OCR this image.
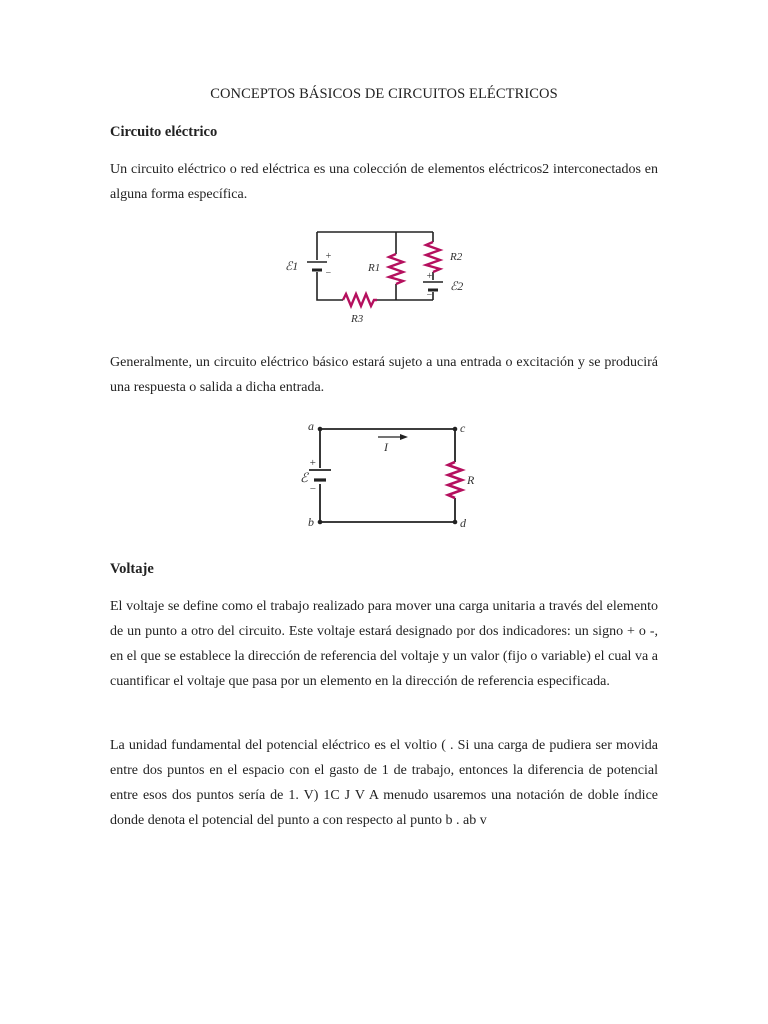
CONCEPTOS BÁSICOS DE CIRCUITOS ELÉCTRICOS
Circuito eléctrico

Un circuito eléctrico o red eléctrica es una colección de elementos eléctricos2 interconectados en alguna forma específica.

ℰ1
+
−	R1
R2
+
−
ℰ2
R3

Generalmente, un circuito eléctrico básico estará sujeto a una entrada o excitación y se producirá una respuesta o salida a dicha entrada.

a	c
b	d
I
R
ℰ
+
−
Voltaje

El voltaje se define como el trabajo realizado para mover una carga unitaria a través del elemento de un punto a otro del circuito. Este voltaje estará designado por dos indicadores: un signo + o -, en el que se establece la dirección de referencia del voltaje y un valor (fijo o variable) el cual va a cuantificar el voltaje que pasa por un elemento en la dirección de referencia especificada.

La unidad fundamental del potencial eléctrico es el voltio ( . Si una carga de pudiera ser movida entre dos puntos en el espacio con el gasto de 1 de trabajo, entonces la diferencia de potencial entre esos dos puntos sería de 1. V) 1C J V A menudo usaremos una notación de doble índice donde denota el potencial del punto a con respecto al punto b . ab v
